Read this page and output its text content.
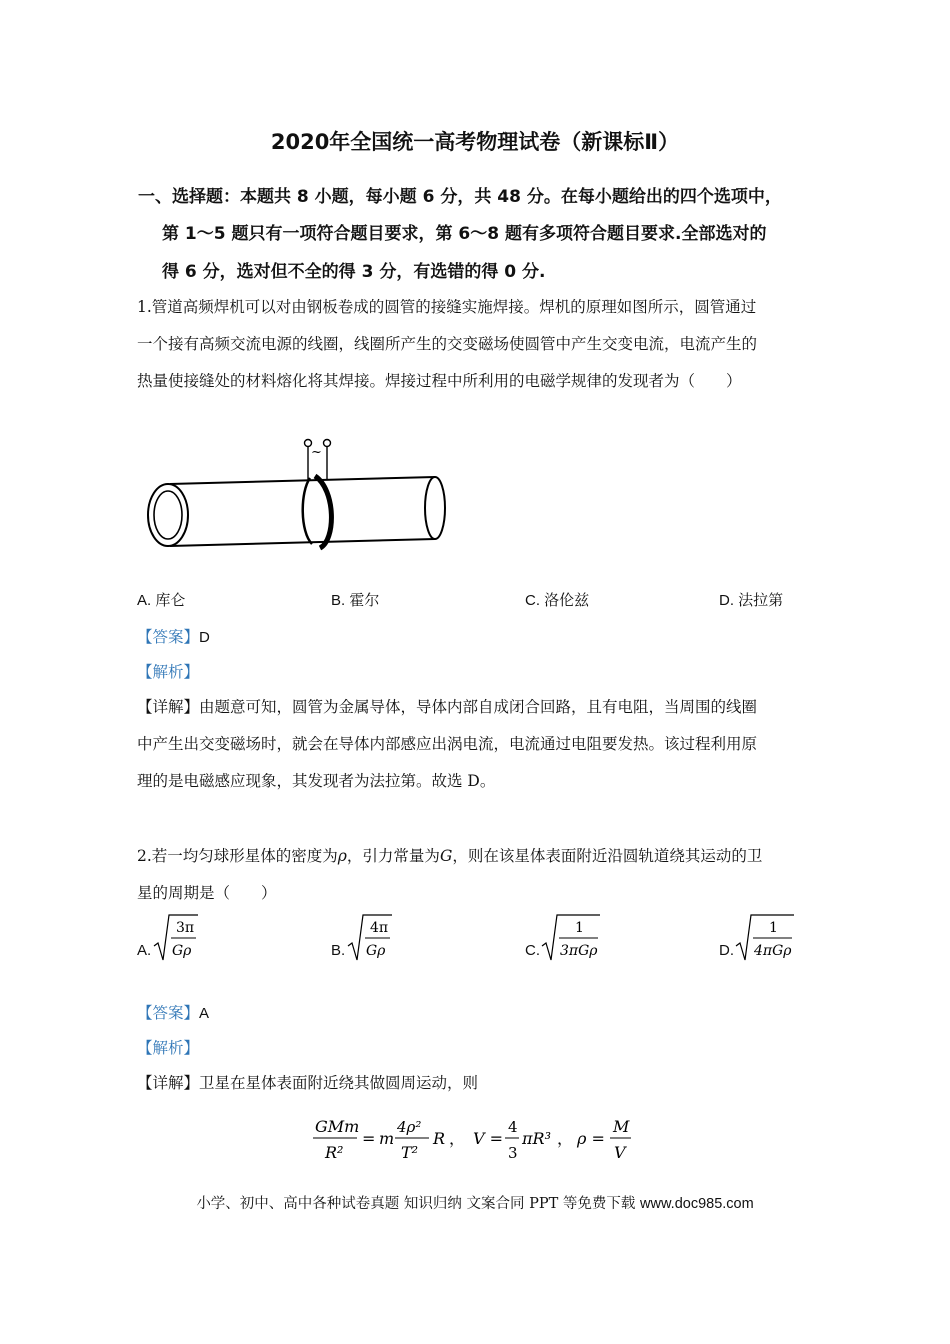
2020年全国统一高考物理试卷（新课标Ⅱ）
一、选择题：本题共 8 小题，每小题 6 分，共 48 分。在每小题给出的四个选项中，
第 1～5 题只有一项符合题目要求，第 6～8 题有多项符合题目要求.全部选对的
得 6 分，选对但不全的得 3 分，有选错的得 0 分.
1.管道高频焊机可以对由钢板卷成的圆管的接缝实施焊接。焊机的原理如图所示，圆管通过
一个接有高频交流电源的线圈，线圈所产生的交变磁场使圆管中产生交变电流，电流产生的
热量使接缝处的材料熔化将其焊接。焊接过程中所利用的电磁学规律的发现者为（　　）
~
A. 库仑	B. 霍尔	C. 洛伦兹	D. 法拉第
【答案】D
【解析】
【详解】由题意可知，圆管为金属导体，导体内部自成闭合回路，且有电阻，当周围的线圈
中产生出交变磁场时，就会在导体内部感应出涡电流，电流通过电阻要发热。该过程利用原
理的是电磁感应现象，其发现者为法拉第。故选 D。
2.若一均匀球形星体的密度为ρ，引力常量为G，则在该星体表面附近沿圆轨道绕其运动的卫
星的周期是（　　）
A.
3π
Gρ	B.
4π
Gρ	C.
1
3πGρ	D.
1
4πGρ
【答案】A
【解析】
【详解】卫星在星体表面附近绕其做圆周运动，则
GMm
R²
= m
4ρ²
T²
R ， V =
4
3
πR³ ， ρ =
M
V
小学、初中、高中各种试卷真题 知识归纳 文案合同 PPT 等免费下载 www.doc985.com
